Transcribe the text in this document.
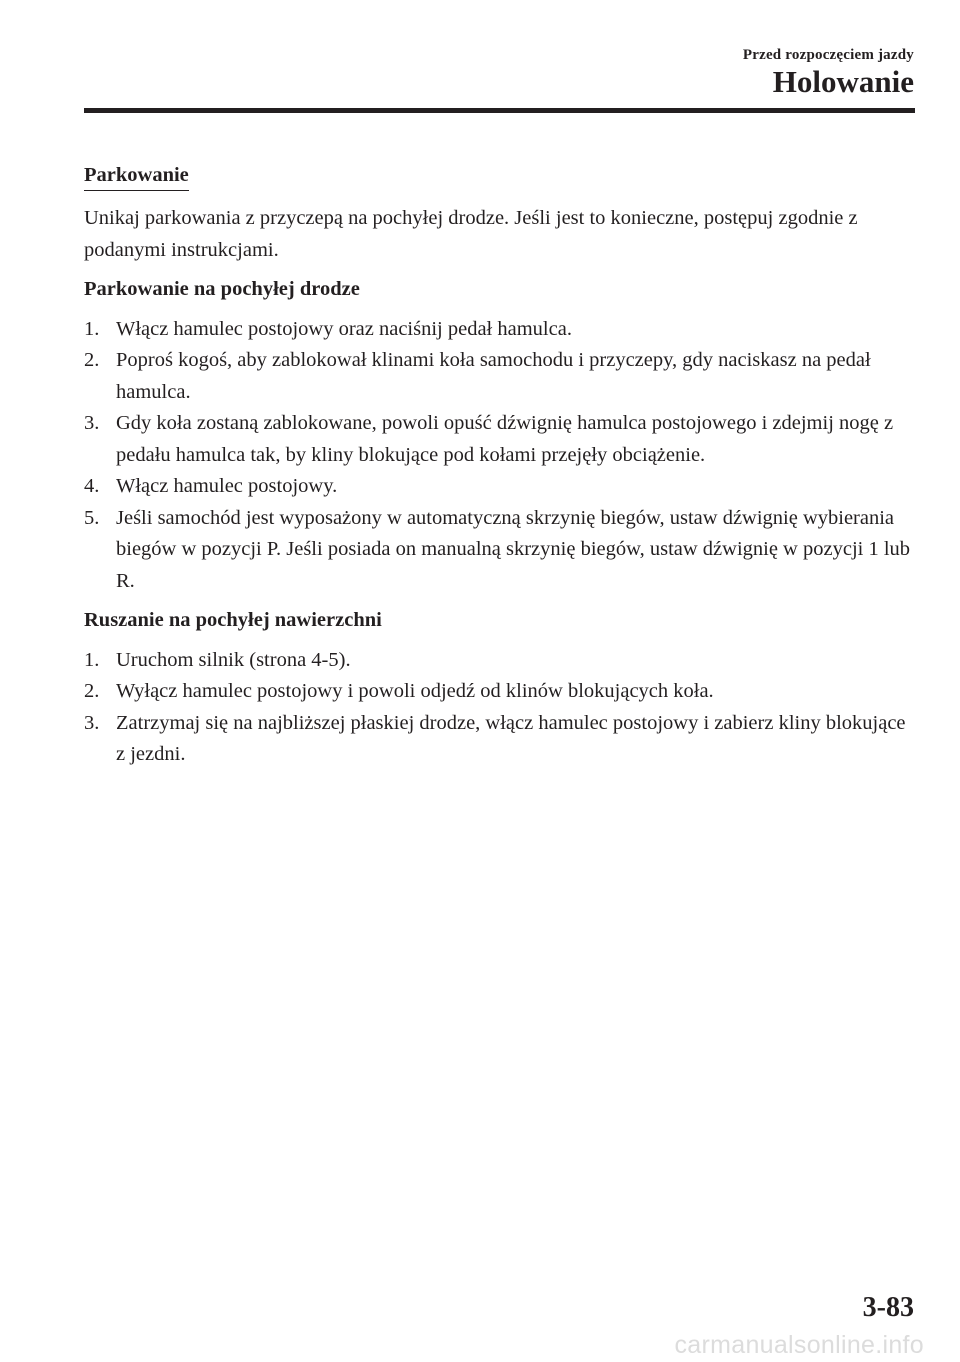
Przed rozpoczęciem jazdy
Holowanie
Parkowanie

Unikaj parkowania z przyczepą na pochyłej drodze. Jeśli jest to konieczne, postępuj zgodnie z podanymi instrukcjami.

Parkowanie na pochyłej drodze

1. Włącz hamulec postojowy oraz naciśnij pedał hamulca.
2. Poproś kogoś, aby zablokował klinami koła samochodu i przyczepy, gdy naciskasz na pedał hamulca.
3. Gdy koła zostaną zablokowane, powoli opuść dźwignię hamulca postojowego i zdejmij nogę z pedału hamulca tak, by kliny blokujące pod kołami przejęły obciążenie.
4. Włącz hamulec postojowy.
5. Jeśli samochód jest wyposażony w automatyczną skrzynię biegów, ustaw dźwignię wybierania biegów w pozycji P. Jeśli posiada on manualną skrzynię biegów, ustaw dźwignię w pozycji 1 lub R.

Ruszanie na pochyłej nawierzchni

1. Uruchom silnik (strona 4-5).
2. Wyłącz hamulec postojowy i powoli odjedź od klinów blokujących koła.
3. Zatrzymaj się na najbliższej płaskiej drodze, włącz hamulec postojowy i zabierz kliny blokujące z jezdni.
3-83
carmanualsonline.info
